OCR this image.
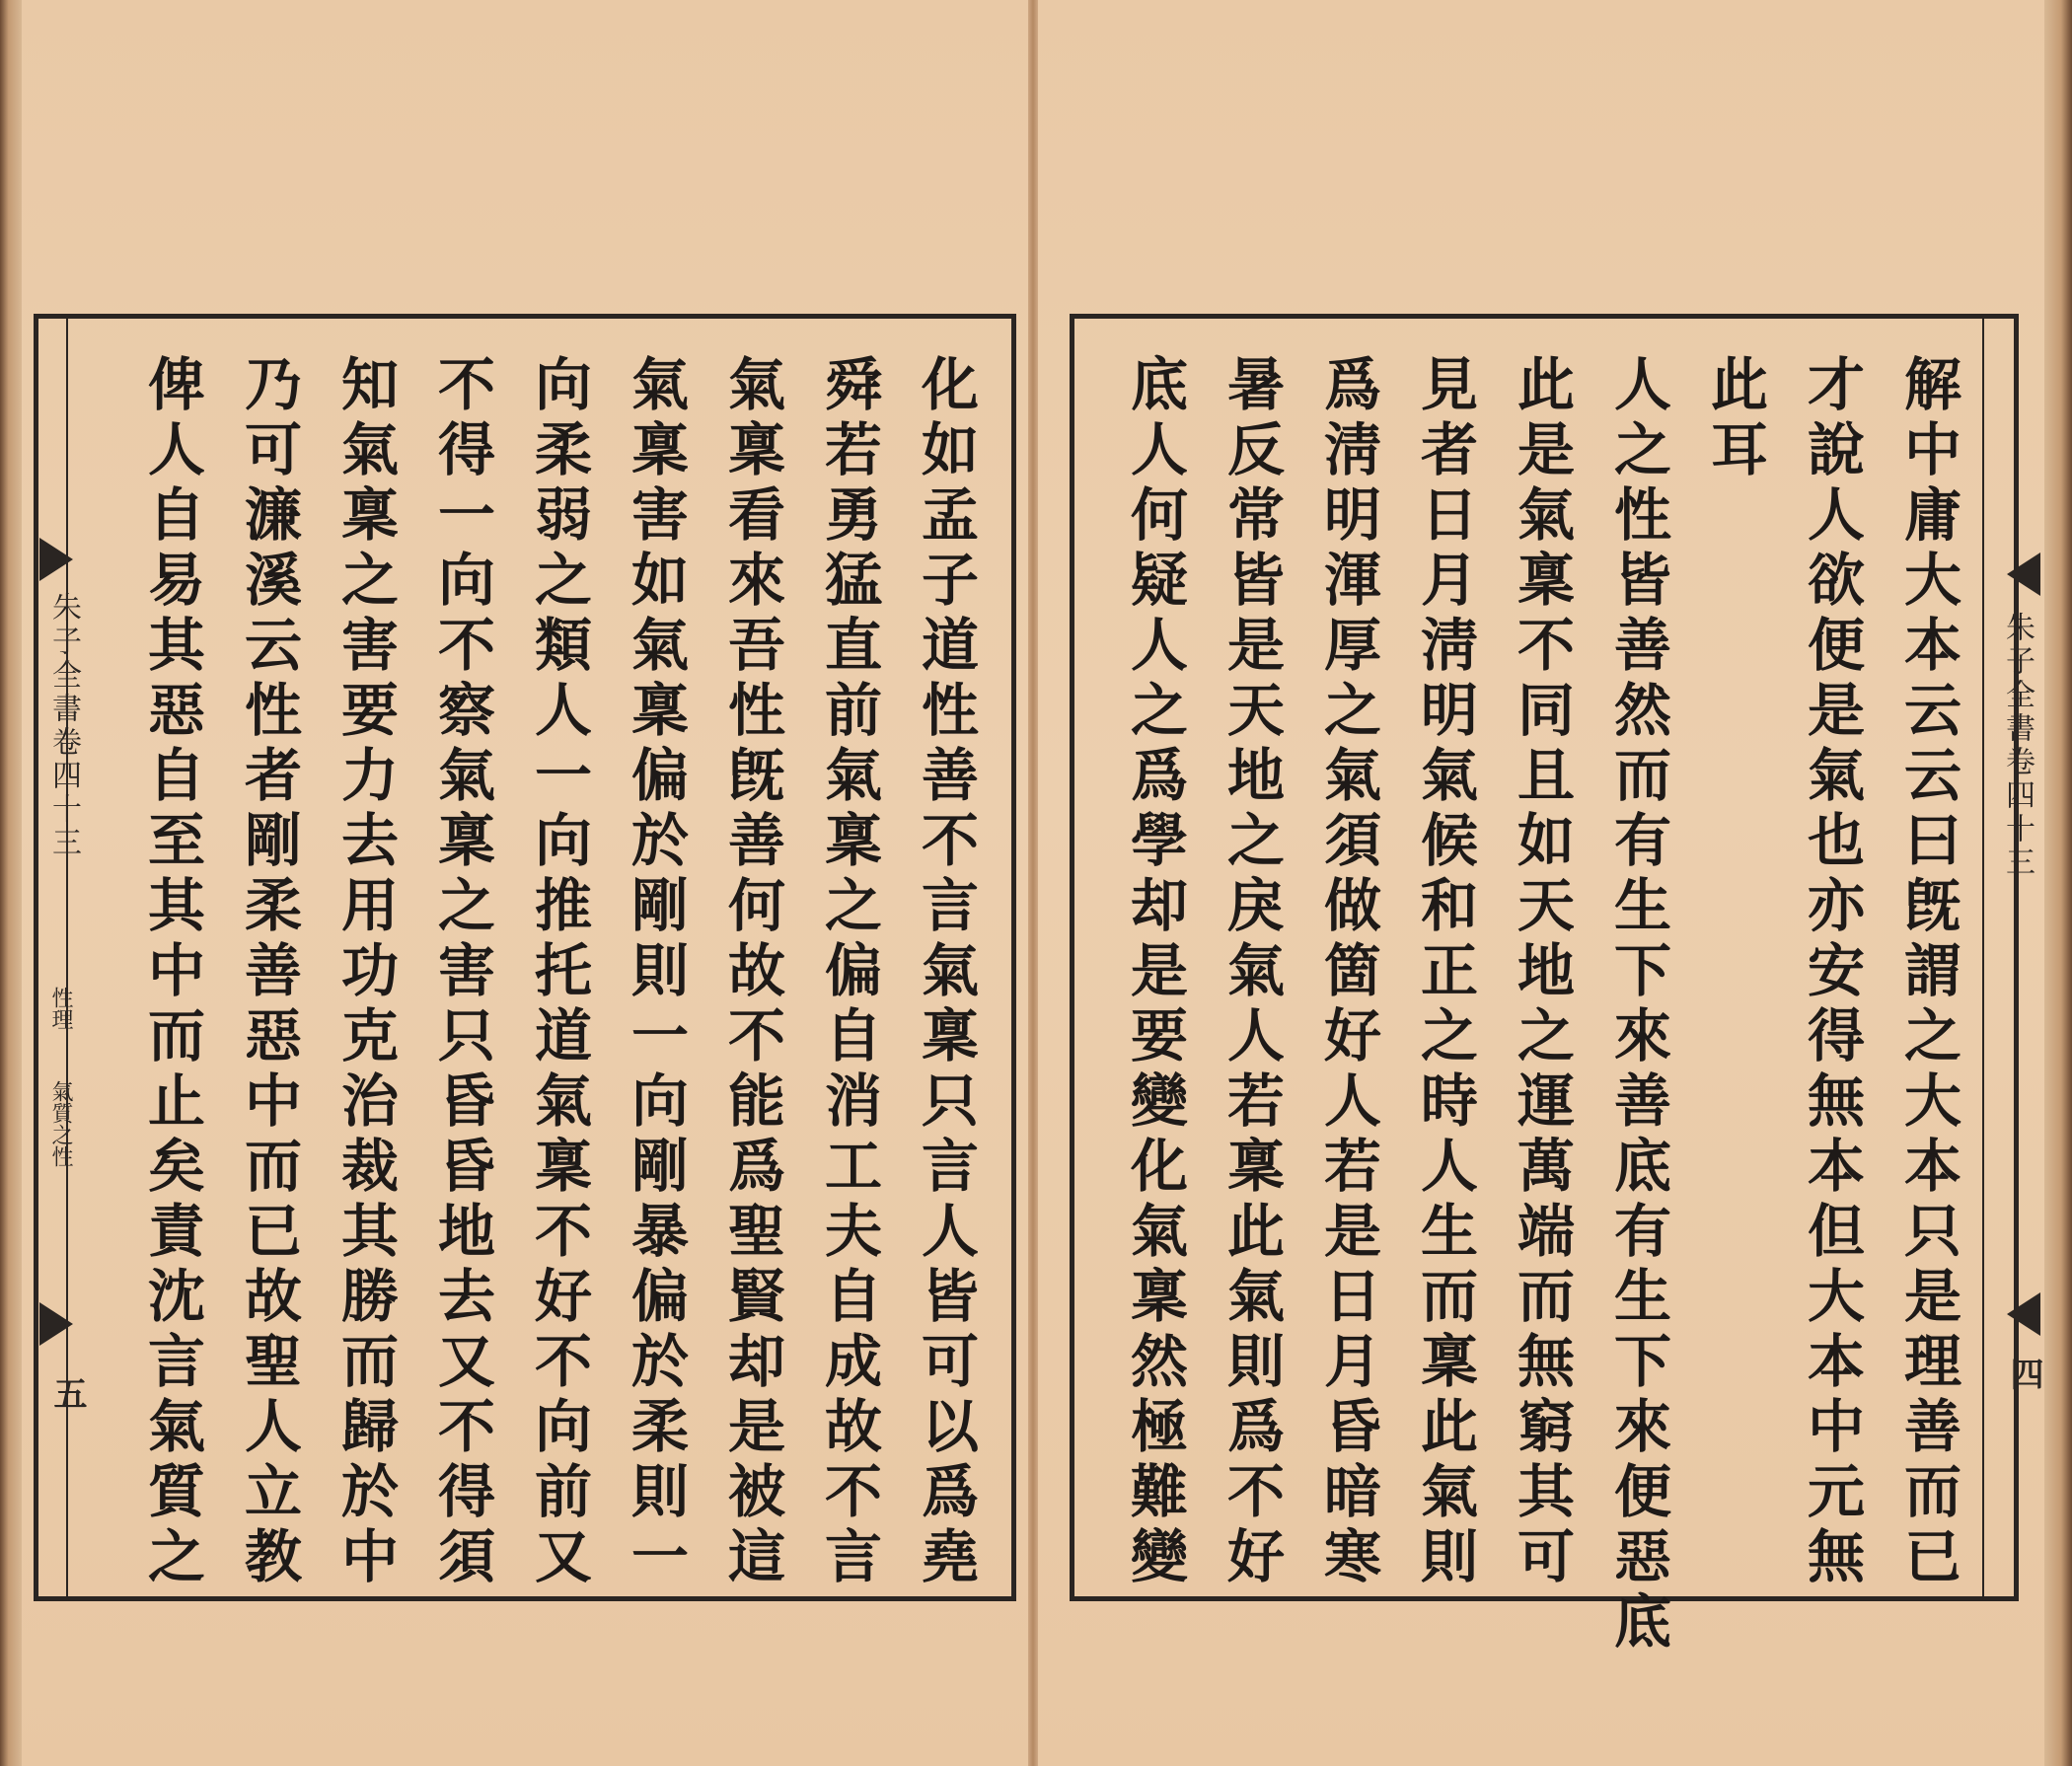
化如孟子道性善不言氣稟只言人皆可以爲堯
舜若勇猛直前氣稟之偏自消工夫自成故不言
氣稟看來吾性旣善何故不能爲聖賢却是被這
氣稟害如氣稟偏於剛則一向剛暴偏於柔則一
向柔弱之類人一向推托道氣稟不好不向前又
不得一向不察氣稟之害只昏昏地去又不得須
知氣稟之害要力去用功克治裁其勝而歸於中
乃可濂溪云性者剛柔善惡中而已故聖人立教
俾人自易其惡自至其中而止矣責沈言氣質之
朱子全書卷四十三
性理
氣質之性
五	解中庸大本云云曰旣謂之大本只是理善而已
才說人欲便是氣也亦安得無本但大本中元無
此耳
人之性皆善然而有生下來善底有生下來便惡底
此是氣稟不同且如天地之運萬端而無窮其可
見者日月淸明氣候和正之時人生而稟此氣則
爲淸明渾厚之氣須做箇好人若是日月昏暗寒
暑反常皆是天地之戾氣人若稟此氣則爲不好
底人何疑人之爲學却是要變化氣稟然極難變	朱子全書卷四十三
四
